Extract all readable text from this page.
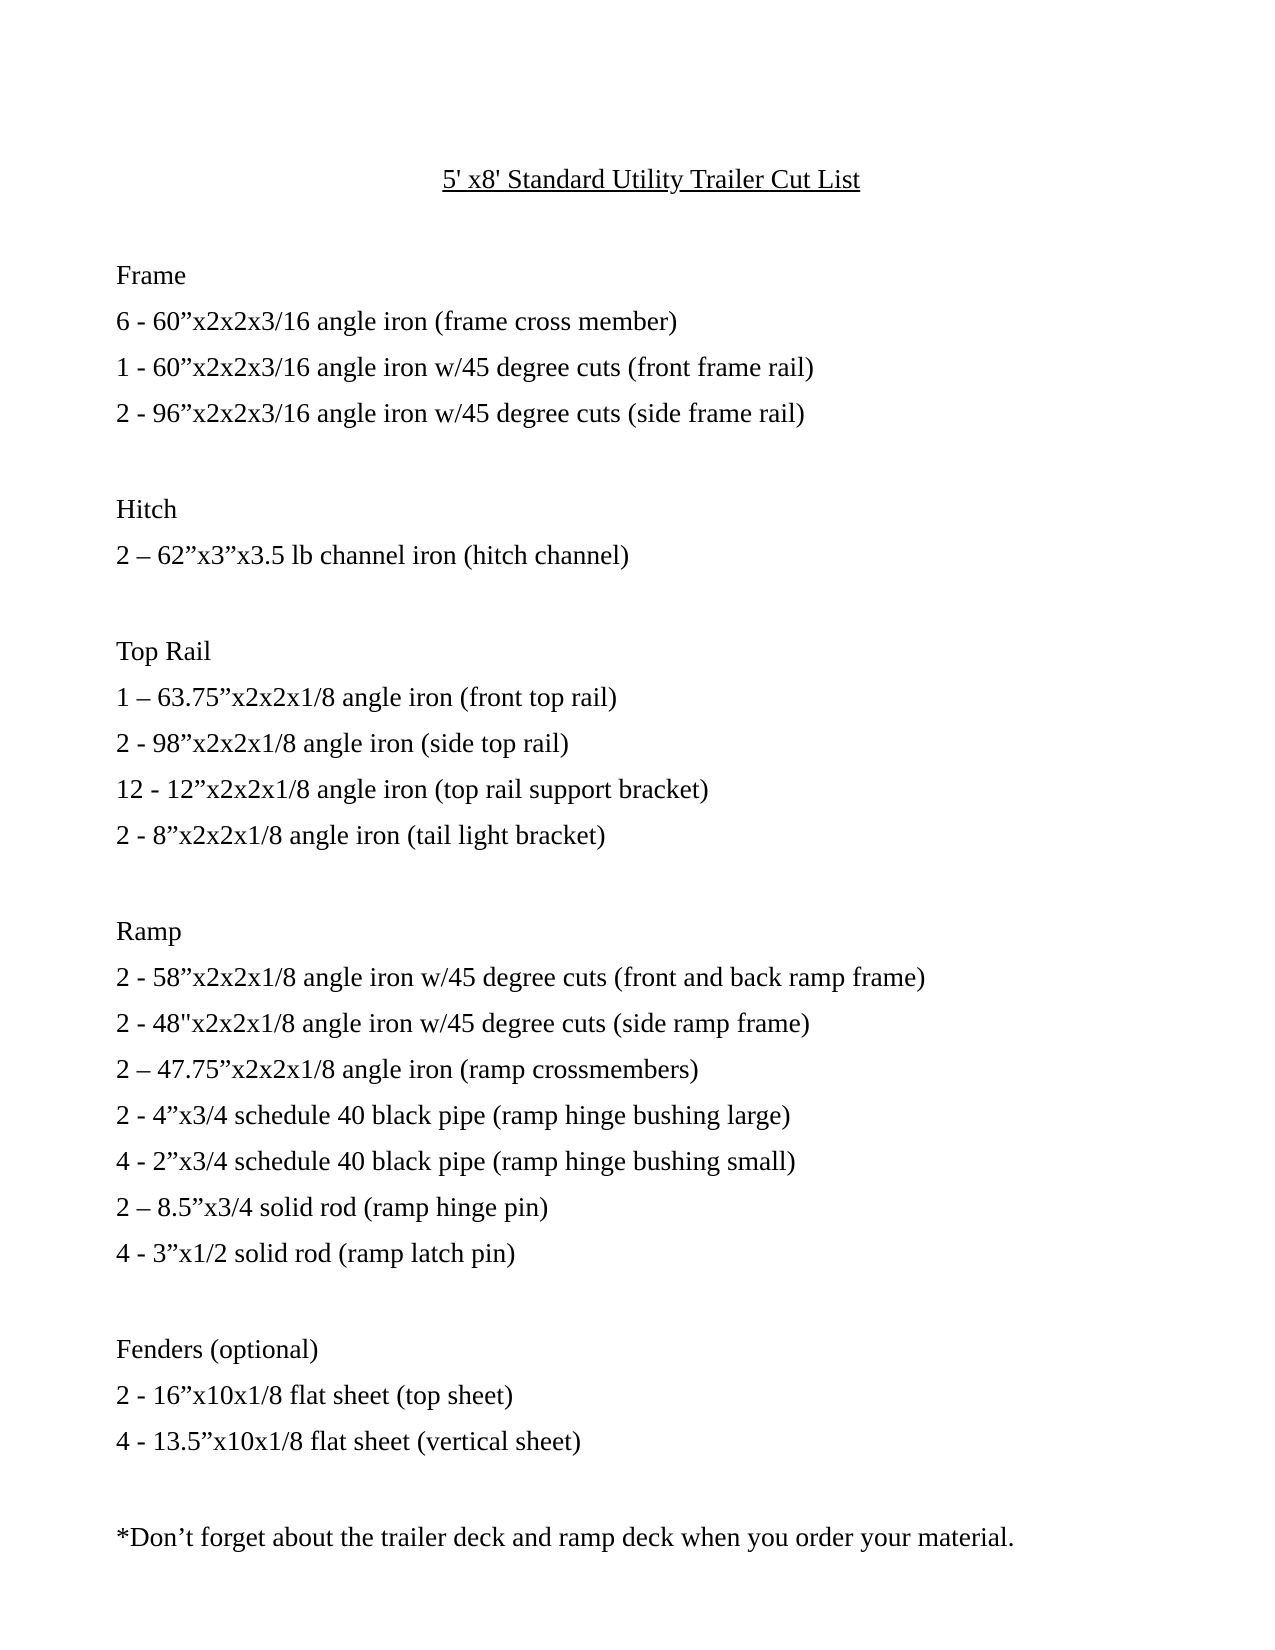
5' x8' Standard Utility Trailer Cut List

Frame
6 - 60”x2x2x3/16 angle iron (frame cross member)
1 - 60”x2x2x3/16 angle iron w/45 degree cuts (front frame rail)
2 - 96”x2x2x3/16 angle iron w/45 degree cuts (side frame rail)
Hitch
2 – 62”x3”x3.5 lb channel iron (hitch channel)
Top Rail
1 – 63.75”x2x2x1/8 angle iron (front top rail)
2 - 98”x2x2x1/8 angle iron (side top rail)
12 - 12”x2x2x1/8 angle iron (top rail support bracket)
2 - 8”x2x2x1/8 angle iron (tail light bracket)
Ramp
2 - 58”x2x2x1/8 angle iron w/45 degree cuts (front and back ramp frame)
2 - 48"x2x2x1/8 angle iron w/45 degree cuts (side ramp frame)
2 – 47.75”x2x2x1/8 angle iron (ramp crossmembers)
2 - 4”x3/4 schedule 40 black pipe (ramp hinge bushing large)
4 - 2”x3/4 schedule 40 black pipe (ramp hinge bushing small)
2 – 8.5”x3/4 solid rod (ramp hinge pin)
4 - 3”x1/2 solid rod (ramp latch pin)
Fenders (optional)
2 - 16”x10x1/8 flat sheet (top sheet)
4 - 13.5”x10x1/8 flat sheet (vertical sheet)
*Don’t forget about the trailer deck and ramp deck when you order your material.
